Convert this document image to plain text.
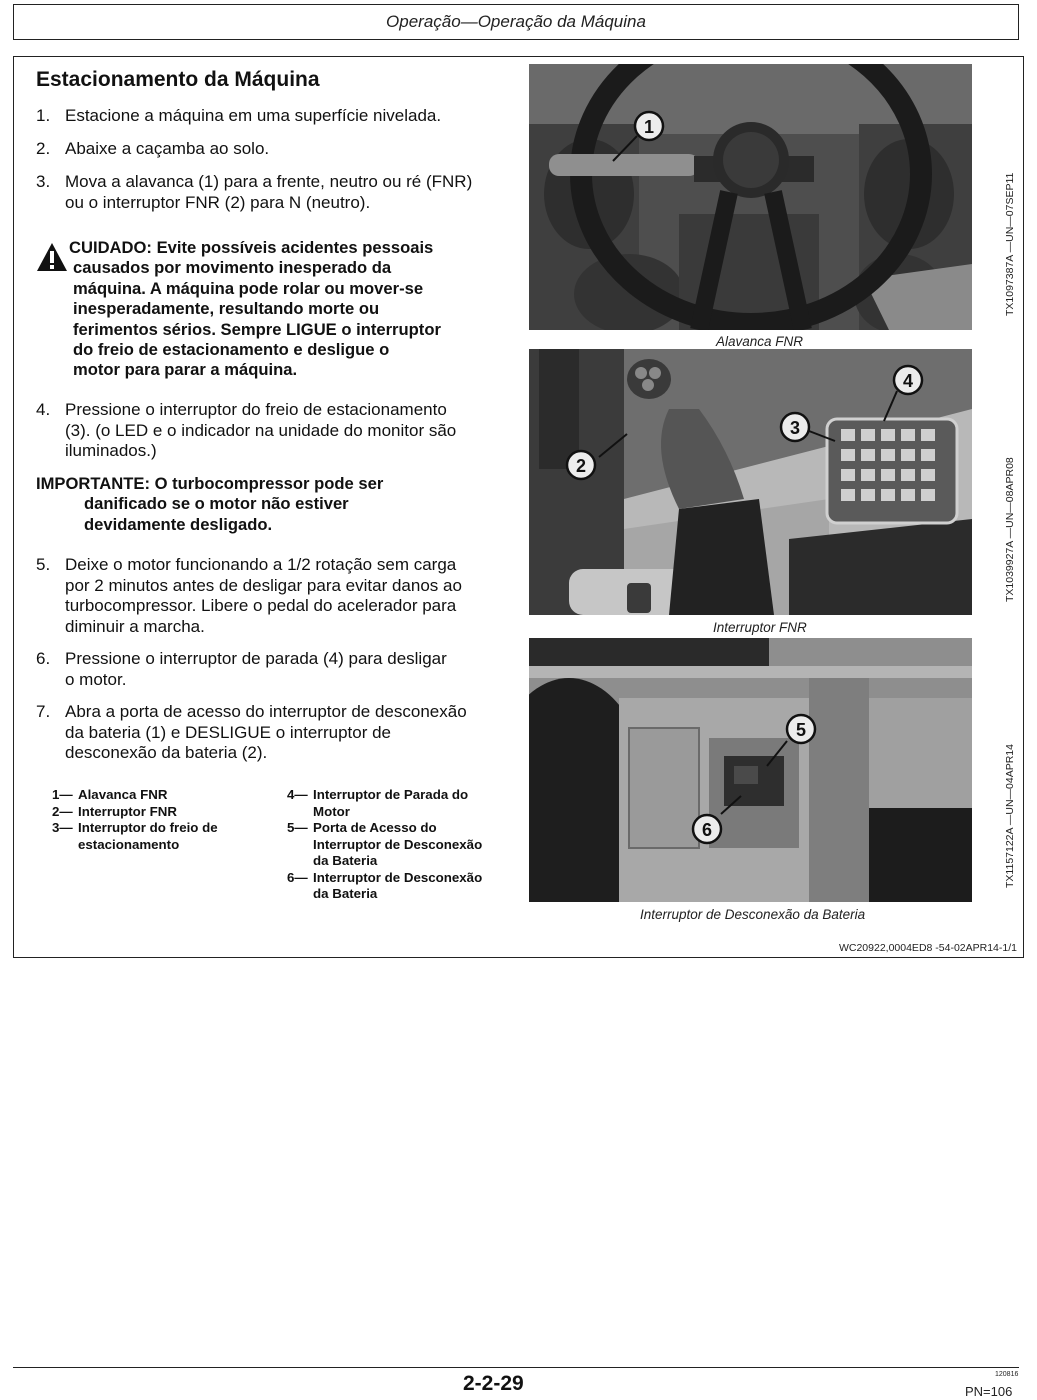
Operação—Operação da Máquina
Estacionamento da Máquina
1. Estacione a máquina em uma superfície nivelada.
2. Abaixe a caçamba ao solo.
3. Mova a alavanca (1) para a frente, neutro ou ré (FNR)
ou o interruptor FNR (2) para N (neutro).
CUIDADO: Evite possíveis acidentes pessoais
causados por movimento inesperado da
máquina. A máquina pode rolar ou mover-se
inesperadamente, resultando morte ou
ferimentos sérios. Sempre LIGUE o interruptor
do freio de estacionamento e desligue o
motor para parar a máquina.
4. Pressione o interruptor do freio de estacionamento
(3). (o LED e o indicador na unidade do monitor são
iluminados.)
IMPORTANTE: O turbocompressor pode ser
danificado se o motor não estiver
devidamente desligado.
5. Deixe o motor funcionando a 1/2 rotação sem carga
por 2 minutos antes de desligar para evitar danos ao
turbocompressor. Libere o pedal do acelerador para
diminuir a marcha.
6. Pressione o interruptor de parada (4) para desligar
o motor.
7. Abra a porta de acesso do interruptor de desconexão
da bateria (1) e DESLIGUE o interruptor de
desconexão da bateria (2).
1— Alavanca FNR
2— Interruptor FNR
3— Interruptor do freio de
estacionamento
4— Interruptor de Parada do
Motor
5— Porta de Acesso do
Interruptor de Desconexão
da Bateria
6— Interruptor de Desconexão
da Bateria
1
Alavanca FNR
TX1097387A —UN—07SEP11
2
3
4
Interruptor FNR
TX1039927A —UN—08APR08
5
6
Interruptor de Desconexão da Bateria
TX1157122A —UN—04APR14
WC20922,0004ED8 -54-02APR14-1/1
2-2-29	120816
PN=106
